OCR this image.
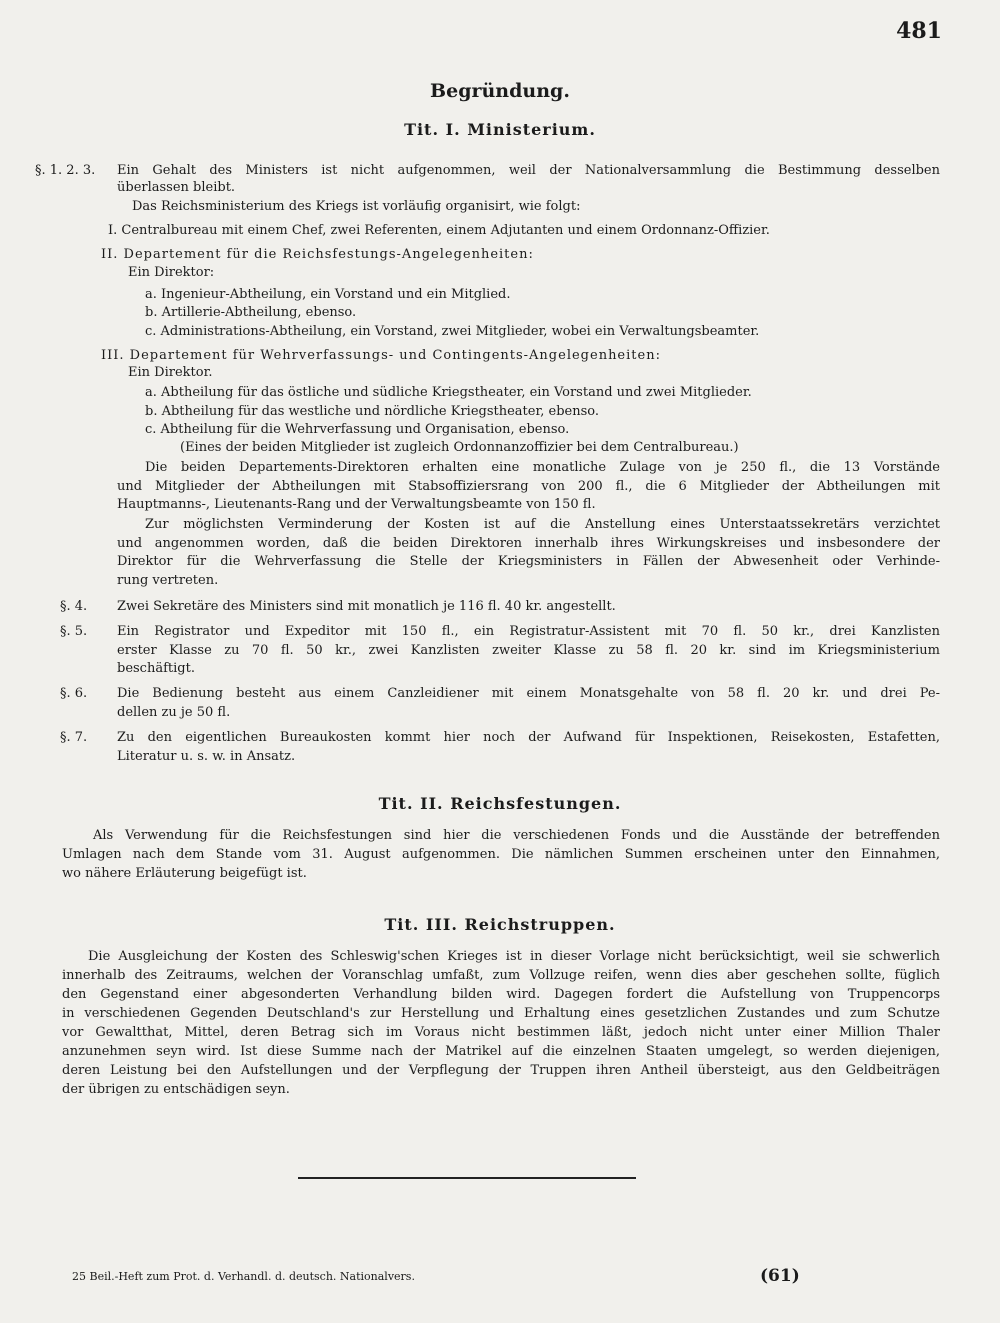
481
Begründung.
Tit. I. Ministerium.
§. 1. 2. 3. Ein Gehalt des Ministers ist nicht aufgenommen, weil der Nationalversammlung die Bestimmung desselben
überlassen bleibt.
Das Reichsministerium des Kriegs ist vorläufig organisirt, wie folgt:
I. Centralbureau mit einem Chef, zwei Referenten, einem Adjutanten und einem Ordonnanz-Offizier.
II. Departement für die Reichsfestungs-Angelegenheiten:
Ein Direktor:
a. Ingenieur-Abtheilung, ein Vorstand und ein Mitglied.
b. Artillerie-Abtheilung, ebenso.
c. Administrations-Abtheilung, ein Vorstand, zwei Mitglieder, wobei ein Verwaltungsbeamter.
III. Departement für Wehrverfassungs- und Contingents-Angelegenheiten:
Ein Direktor.
a. Abtheilung für das östliche und südliche Kriegstheater, ein Vorstand und zwei Mitglieder.
b. Abtheilung für das westliche und nördliche Kriegstheater, ebenso.
c. Abtheilung für die Wehrverfassung und Organisation, ebenso.
(Eines der beiden Mitglieder ist zugleich Ordonnanzoffizier bei dem Centralbureau.)
Die beiden Departements-Direktoren erhalten eine monatliche Zulage von je 250 fl., die 13 Vorstände
und Mitglieder der Abtheilungen mit Stabsoffiziersrang von 200 fl., die 6 Mitglieder der Abtheilungen mit
Hauptmanns-, Lieutenants-Rang und der Verwaltungsbeamte von 150 fl.
Zur möglichsten Verminderung der Kosten ist auf die Anstellung eines Unterstaatssekretärs verzichtet
und angenommen worden, daß die beiden Direktoren innerhalb ihres Wirkungskreises und insbesondere der
Direktor für die Wehrverfassung die Stelle der Kriegsministers in Fällen der Abwesenheit oder Verhinde-
rung vertreten.
§. 4. Zwei Sekretäre des Ministers sind mit monatlich je 116 fl. 40 kr. angestellt.
§. 5. Ein Registrator und Expeditor mit 150 fl., ein Registratur-Assistent mit 70 fl. 50 kr., drei Kanzlisten
erster Klasse zu 70 fl. 50 kr., zwei Kanzlisten zweiter Klasse zu 58 fl. 20 kr. sind im Kriegsministerium
beschäftigt.
§. 6. Die Bedienung besteht aus einem Canzleidiener mit einem Monatsgehalte von 58 fl. 20 kr. und drei Pe-
dellen zu je 50 fl.
§. 7. Zu den eigentlichen Bureaukosten kommt hier noch der Aufwand für Inspektionen, Reisekosten, Estafetten,
Literatur u. s. w. in Ansatz.
Tit. II. Reichsfestungen.
Als Verwendung für die Reichsfestungen sind hier die verschiedenen Fonds und die Ausstände der betreffenden
Umlagen nach dem Stande vom 31. August aufgenommen. Die nämlichen Summen erscheinen unter den Einnahmen,
wo nähere Erläuterung beigefügt ist.
Tit. III. Reichstruppen.
Die Ausgleichung der Kosten des Schleswig'schen Krieges ist in dieser Vorlage nicht berücksichtigt, weil sie schwerlich
innerhalb des Zeitraums, welchen der Voranschlag umfaßt, zum Vollzuge reifen, wenn dies aber geschehen sollte, füglich
den Gegenstand einer abgesonderten Verhandlung bilden wird. Dagegen fordert die Aufstellung von Truppencorps
in verschiedenen Gegenden Deutschland's zur Herstellung und Erhaltung eines gesetzlichen Zustandes und zum Schutze
vor Gewaltthat, Mittel, deren Betrag sich im Voraus nicht bestimmen läßt, jedoch nicht unter einer Million Thaler
anzunehmen seyn wird. Ist diese Summe nach der Matrikel auf die einzelnen Staaten umgelegt, so werden diejenigen,
deren Leistung bei den Aufstellungen und der Verpflegung der Truppen ihren Antheil übersteigt, aus den Geldbeiträgen
der übrigen zu entschädigen seyn.
25 Beil.-Heft zum Prot. d. Verhandl. d. deutsch. Nationalvers.	(61)
